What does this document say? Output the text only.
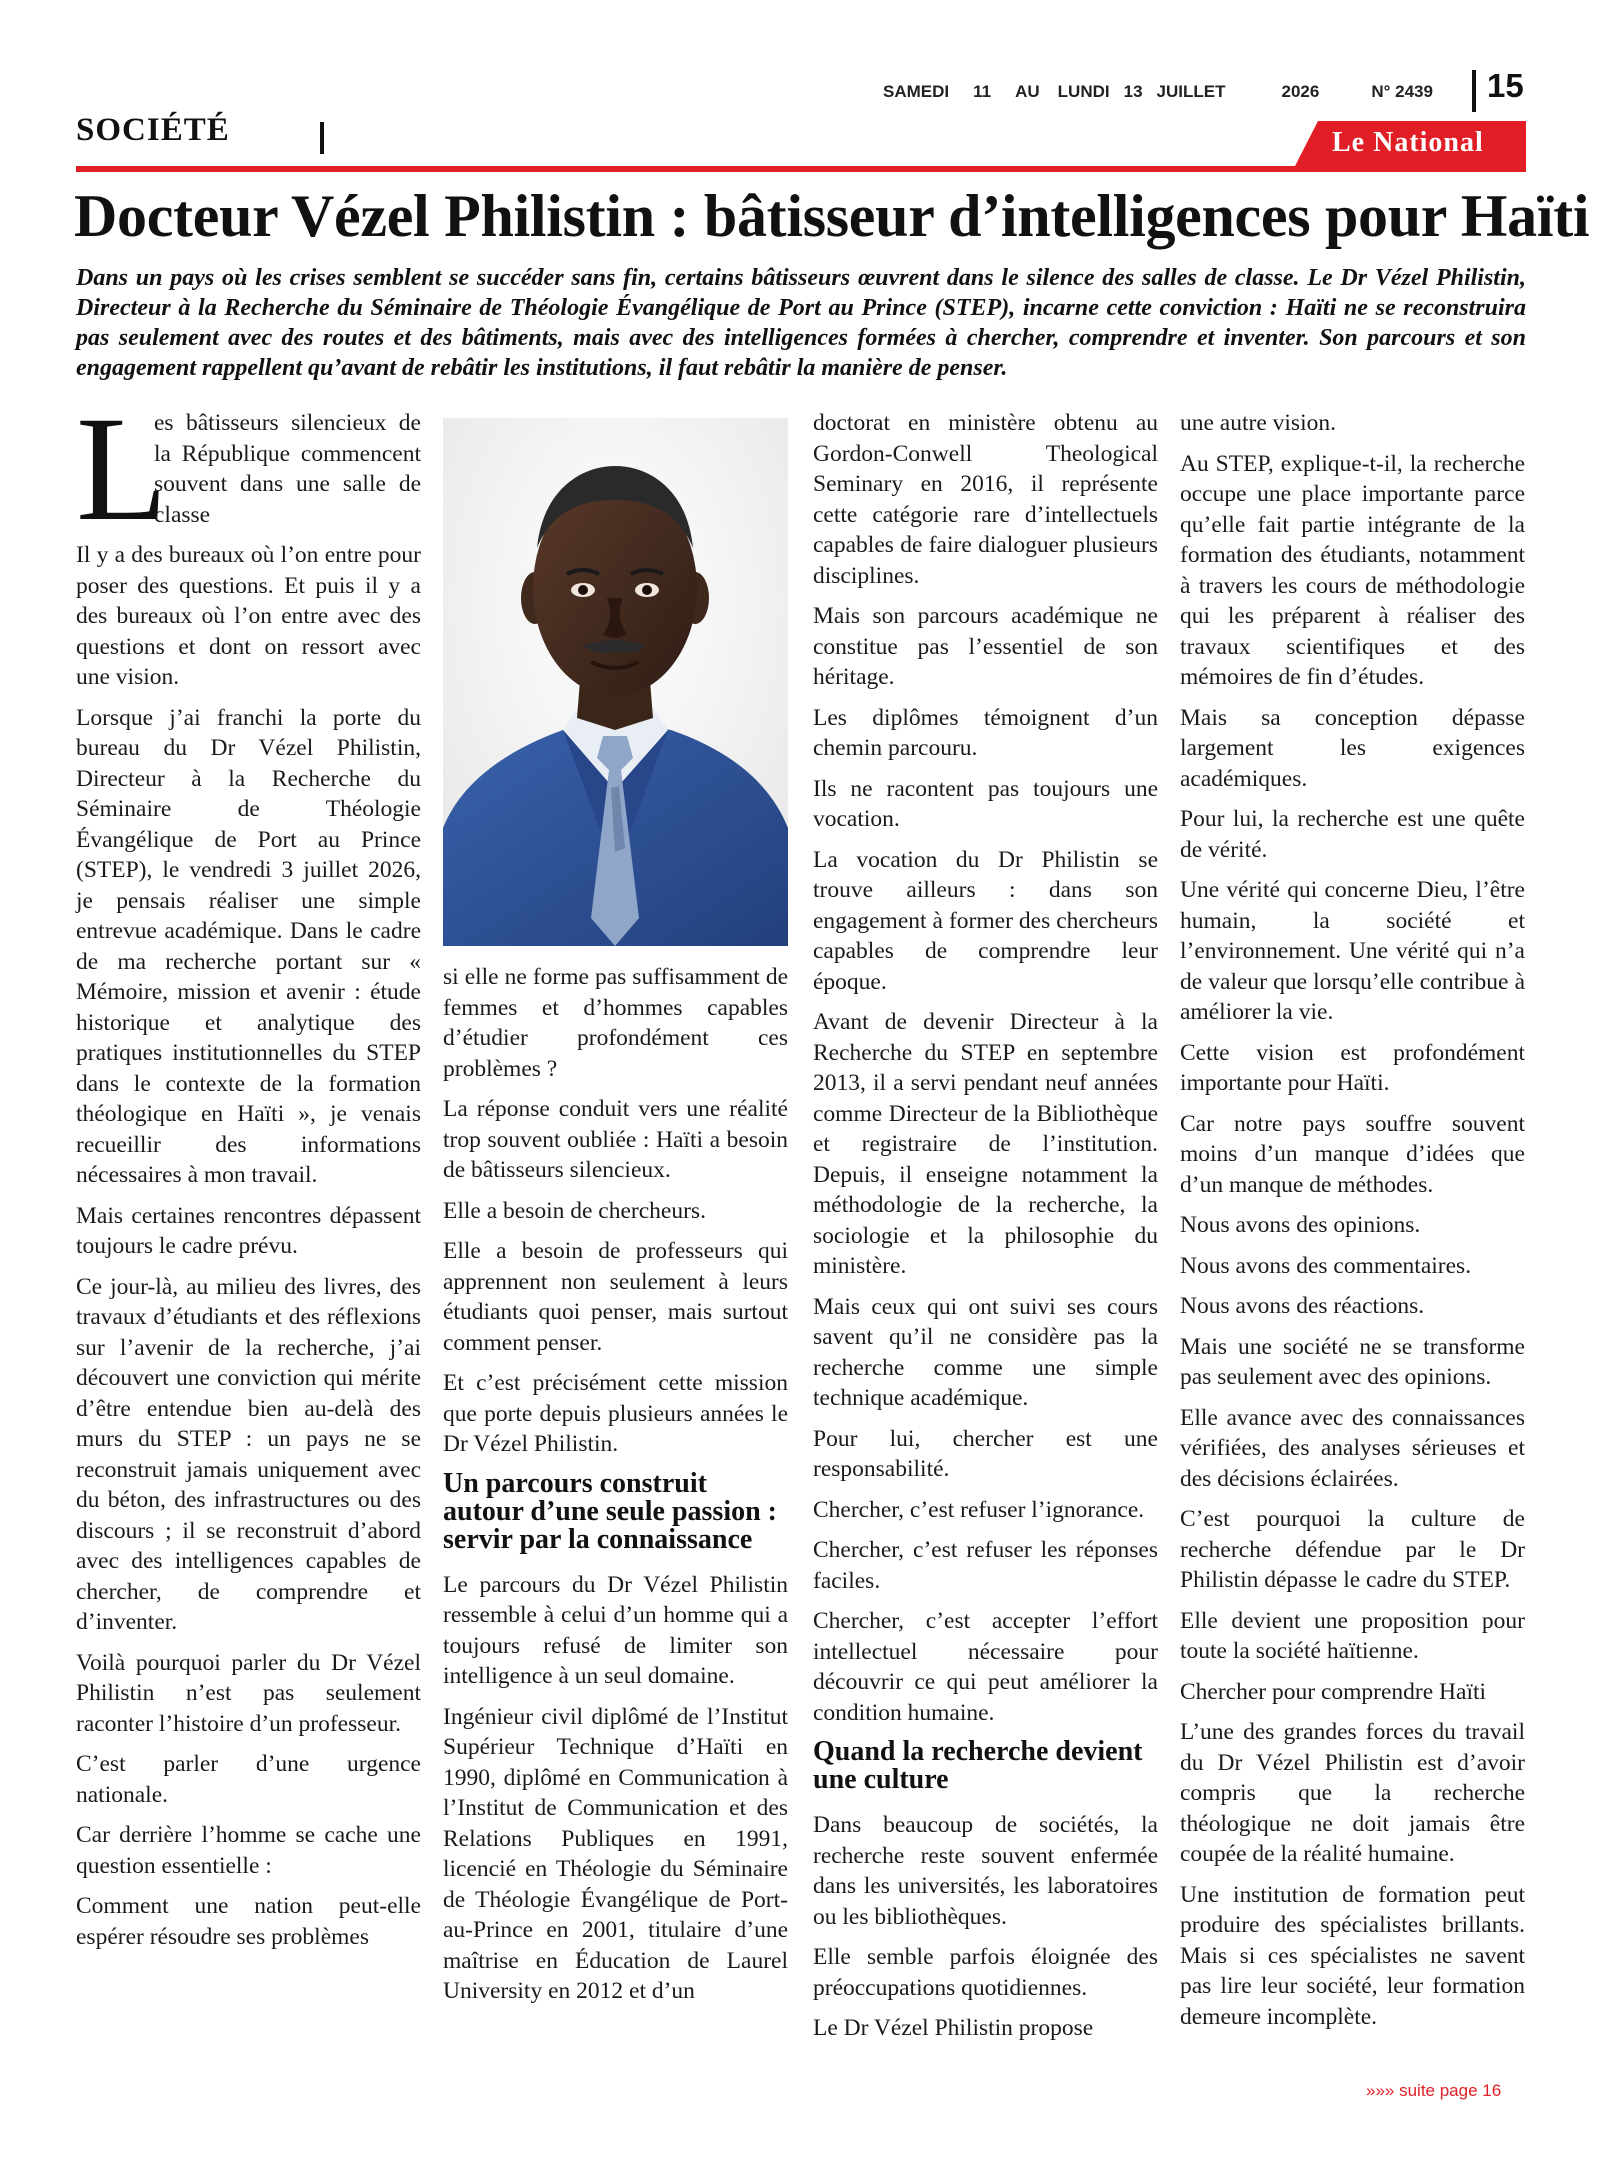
SAMEDI 11 AU LUNDI 13 JUILLET	2026	N° 2439 15
SOCIÉTÉ	Le National
Docteur Vézel Philistin : bâtisseur d’intelligences pour Haïti
Dans un pays où les crises semblent se succéder sans fin, certains bâtisseurs œuvrent dans le silence des salles de classe. Le Dr Vézel Philistin, Directeur à la Recherche du Séminaire de Théologie Évangélique de Port au Prince (STEP), incarne cette conviction : Haïti ne se reconstruira pas seulement avec des routes et des bâtiments, mais avec des intelligences formées à chercher, comprendre et inventer. Son parcours et son engagement rappellent qu’avant de rebâtir les institutions, il faut rebâtir la manière de penser.
L
es bâtisseurs silencieux de la République commencent souvent dans une salle de classe

Il y a des bureaux où l’on entre pour poser des questions. Et puis il y a des bureaux où l’on entre avec des questions et dont on ressort avec une vision.

Lorsque j’ai franchi la porte du bureau du Dr Vézel Philistin, Directeur à la Recherche du Séminaire de Théologie Évangélique de Port au Prince (STEP), le vendredi 3 juillet 2026, je pensais réaliser une simple entrevue académique. Dans le cadre de ma recherche portant sur « Mémoire, mission et avenir : étude historique et analytique des pratiques institutionnelles du STEP dans le contexte de la formation théologique en Haïti », je venais recueillir des informations nécessaires à mon travail.

Mais certaines rencontres dépassent toujours le cadre prévu.

Ce jour-là, au milieu des livres, des travaux d’étudiants et des réflexions sur l’avenir de la recherche, j’ai découvert une conviction qui mérite d’être entendue bien au-delà des murs du STEP : un pays ne se reconstruit jamais uniquement avec du béton, des infrastructures ou des discours ; il se reconstruit d’abord avec des intelligences capables de chercher, de comprendre et d’inventer.

Voilà pourquoi parler du Dr Vézel Philistin n’est pas seulement raconter l’histoire d’un professeur.

C’est parler d’une urgence nationale.

Car derrière l’homme se cache une question essentielle :

Comment une nation peut-elle espérer résoudre ses problèmes

si elle ne forme pas suffisamment de femmes et d’hommes capables d’étudier profondément ces problèmes ?

La réponse conduit vers une réalité trop souvent oubliée : Haïti a besoin de bâtisseurs silencieux.

Elle a besoin de chercheurs.

Elle a besoin de professeurs qui apprennent non seulement à leurs étudiants quoi penser, mais surtout comment penser.

Et c’est précisément cette mission que porte depuis plusieurs années le Dr Vézel Philistin.

Un parcours construit autour d’une seule passion : servir par la connaissance

Le parcours du Dr Vézel Philistin ressemble à celui d’un homme qui a toujours refusé de limiter son intelligence à un seul domaine.

Ingénieur civil diplômé de l’Institut Supérieur Technique d’Haïti en 1990, diplômé en Communication à l’Institut de Communication et des Relations Publiques en 1991, licencié en Théologie du Séminaire de Théologie Évangélique de Port-au-Prince en 2001, titulaire d’une maîtrise en Éducation de Laurel University en 2012 et d’un

doctorat en ministère obtenu au Gordon-Conwell Theological Seminary en 2016, il représente cette catégorie rare d’intellectuels capables de faire dialoguer plusieurs disciplines.

Mais son parcours académique ne constitue pas l’essentiel de son héritage.

Les diplômes témoignent d’un chemin parcouru.

Ils ne racontent pas toujours une vocation.

La vocation du Dr Philistin se trouve ailleurs : dans son engagement à former des chercheurs capables de comprendre leur époque.

Avant de devenir Directeur à la Recherche du STEP en septembre 2013, il a servi pendant neuf années comme Directeur de la Bibliothèque et registraire de l’institution. Depuis, il enseigne notamment la méthodologie de la recherche, la sociologie et la philosophie du ministère.

Mais ceux qui ont suivi ses cours savent qu’il ne considère pas la recherche comme une simple technique académique.

Pour lui, chercher est une responsabilité.

Chercher, c’est refuser l’ignorance.

Chercher, c’est refuser les réponses faciles.

Chercher, c’est accepter l’effort intellectuel nécessaire pour découvrir ce qui peut améliorer la condition humaine.

Quand la recherche devient une culture

Dans beaucoup de sociétés, la recherche reste souvent enfermée dans les universités, les laboratoires ou les bibliothèques.

Elle semble parfois éloignée des préoccupations quotidiennes.

Le Dr Vézel Philistin propose

une autre vision.

Au STEP, explique-t-il, la recherche occupe une place importante parce qu’elle fait partie intégrante de la formation des étudiants, notamment à travers les cours de méthodologie qui les préparent à réaliser des travaux scientifiques et des mémoires de fin d’études.

Mais sa conception dépasse largement les exigences académiques.

Pour lui, la recherche est une quête de vérité.

Une vérité qui concerne Dieu, l’être humain, la société et l’environnement. Une vérité qui n’a de valeur que lorsqu’elle contribue à améliorer la vie.

Cette vision est profondément importante pour Haïti.

Car notre pays souffre souvent moins d’un manque d’idées que d’un manque de méthodes.

Nous avons des opinions.

Nous avons des commentaires.

Nous avons des réactions.

Mais une société ne se transforme pas seulement avec des opinions.

Elle avance avec des connaissances vérifiées, des analyses sérieuses et des décisions éclairées.

C’est pourquoi la culture de recherche défendue par le Dr Philistin dépasse le cadre du STEP.

Elle devient une proposition pour toute la société haïtienne.

Chercher pour comprendre Haïti

L’une des grandes forces du travail du Dr Vézel Philistin est d’avoir compris que la recherche théologique ne doit jamais être coupée de la réalité humaine.

Une institution de formation peut produire des spécialistes brillants. Mais si ces spécialistes ne savent pas lire leur société, leur formation demeure incomplète.

»»» suite page 16
